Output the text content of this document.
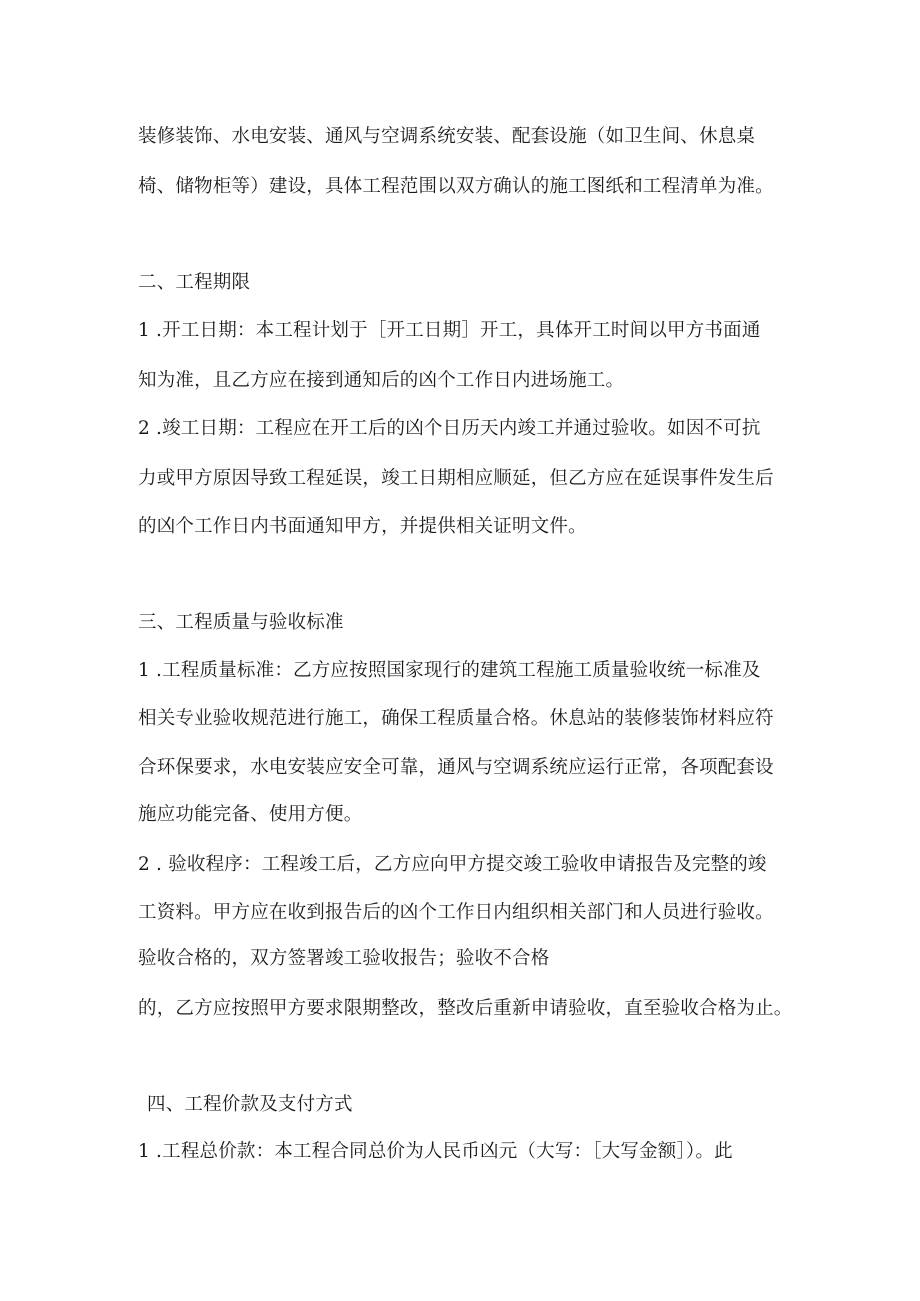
装修装饰、水电安装、通风与空调系统安装、配套设施（如卫生间、休息桌
椅、储物柜等）建设，具体工程范围以双方确认的施工图纸和工程清单为准。
二、工程期限
1 .开工日期：本工程计划于［开工日期］开工，具体开工时间以甲方书面通
知为准，且乙方应在接到通知后的凶个工作日内进场施工。
2 .竣工日期：工程应在开工后的凶个日历天内竣工并通过验收。如因不可抗
力或甲方原因导致工程延误，竣工日期相应顺延，但乙方应在延误事件发生后
的凶个工作日内书面通知甲方，并提供相关证明文件。
三、工程质量与验收标准
1 .工程质量标准：乙方应按照国家现行的建筑工程施工质量验收统一标准及
相关专业验收规范进行施工，确保工程质量合格。休息站的装修装饰材料应符
合环保要求，水电安装应安全可靠，通风与空调系统应运行正常，各项配套设
施应功能完备、使用方便。
2 . 验收程序：工程竣工后，乙方应向甲方提交竣工验收申请报告及完整的竣
工资料。甲方应在收到报告后的凶个工作日内组织相关部门和人员进行验收。
验收合格的，双方签署竣工验收报告；验收不合格
的，乙方应按照甲方要求限期整改，整改后重新申请验收，直至验收合格为止。
四、工程价款及支付方式
1 .工程总价款：本工程合同总价为人民币凶元（大写：［大写金额］）。此
